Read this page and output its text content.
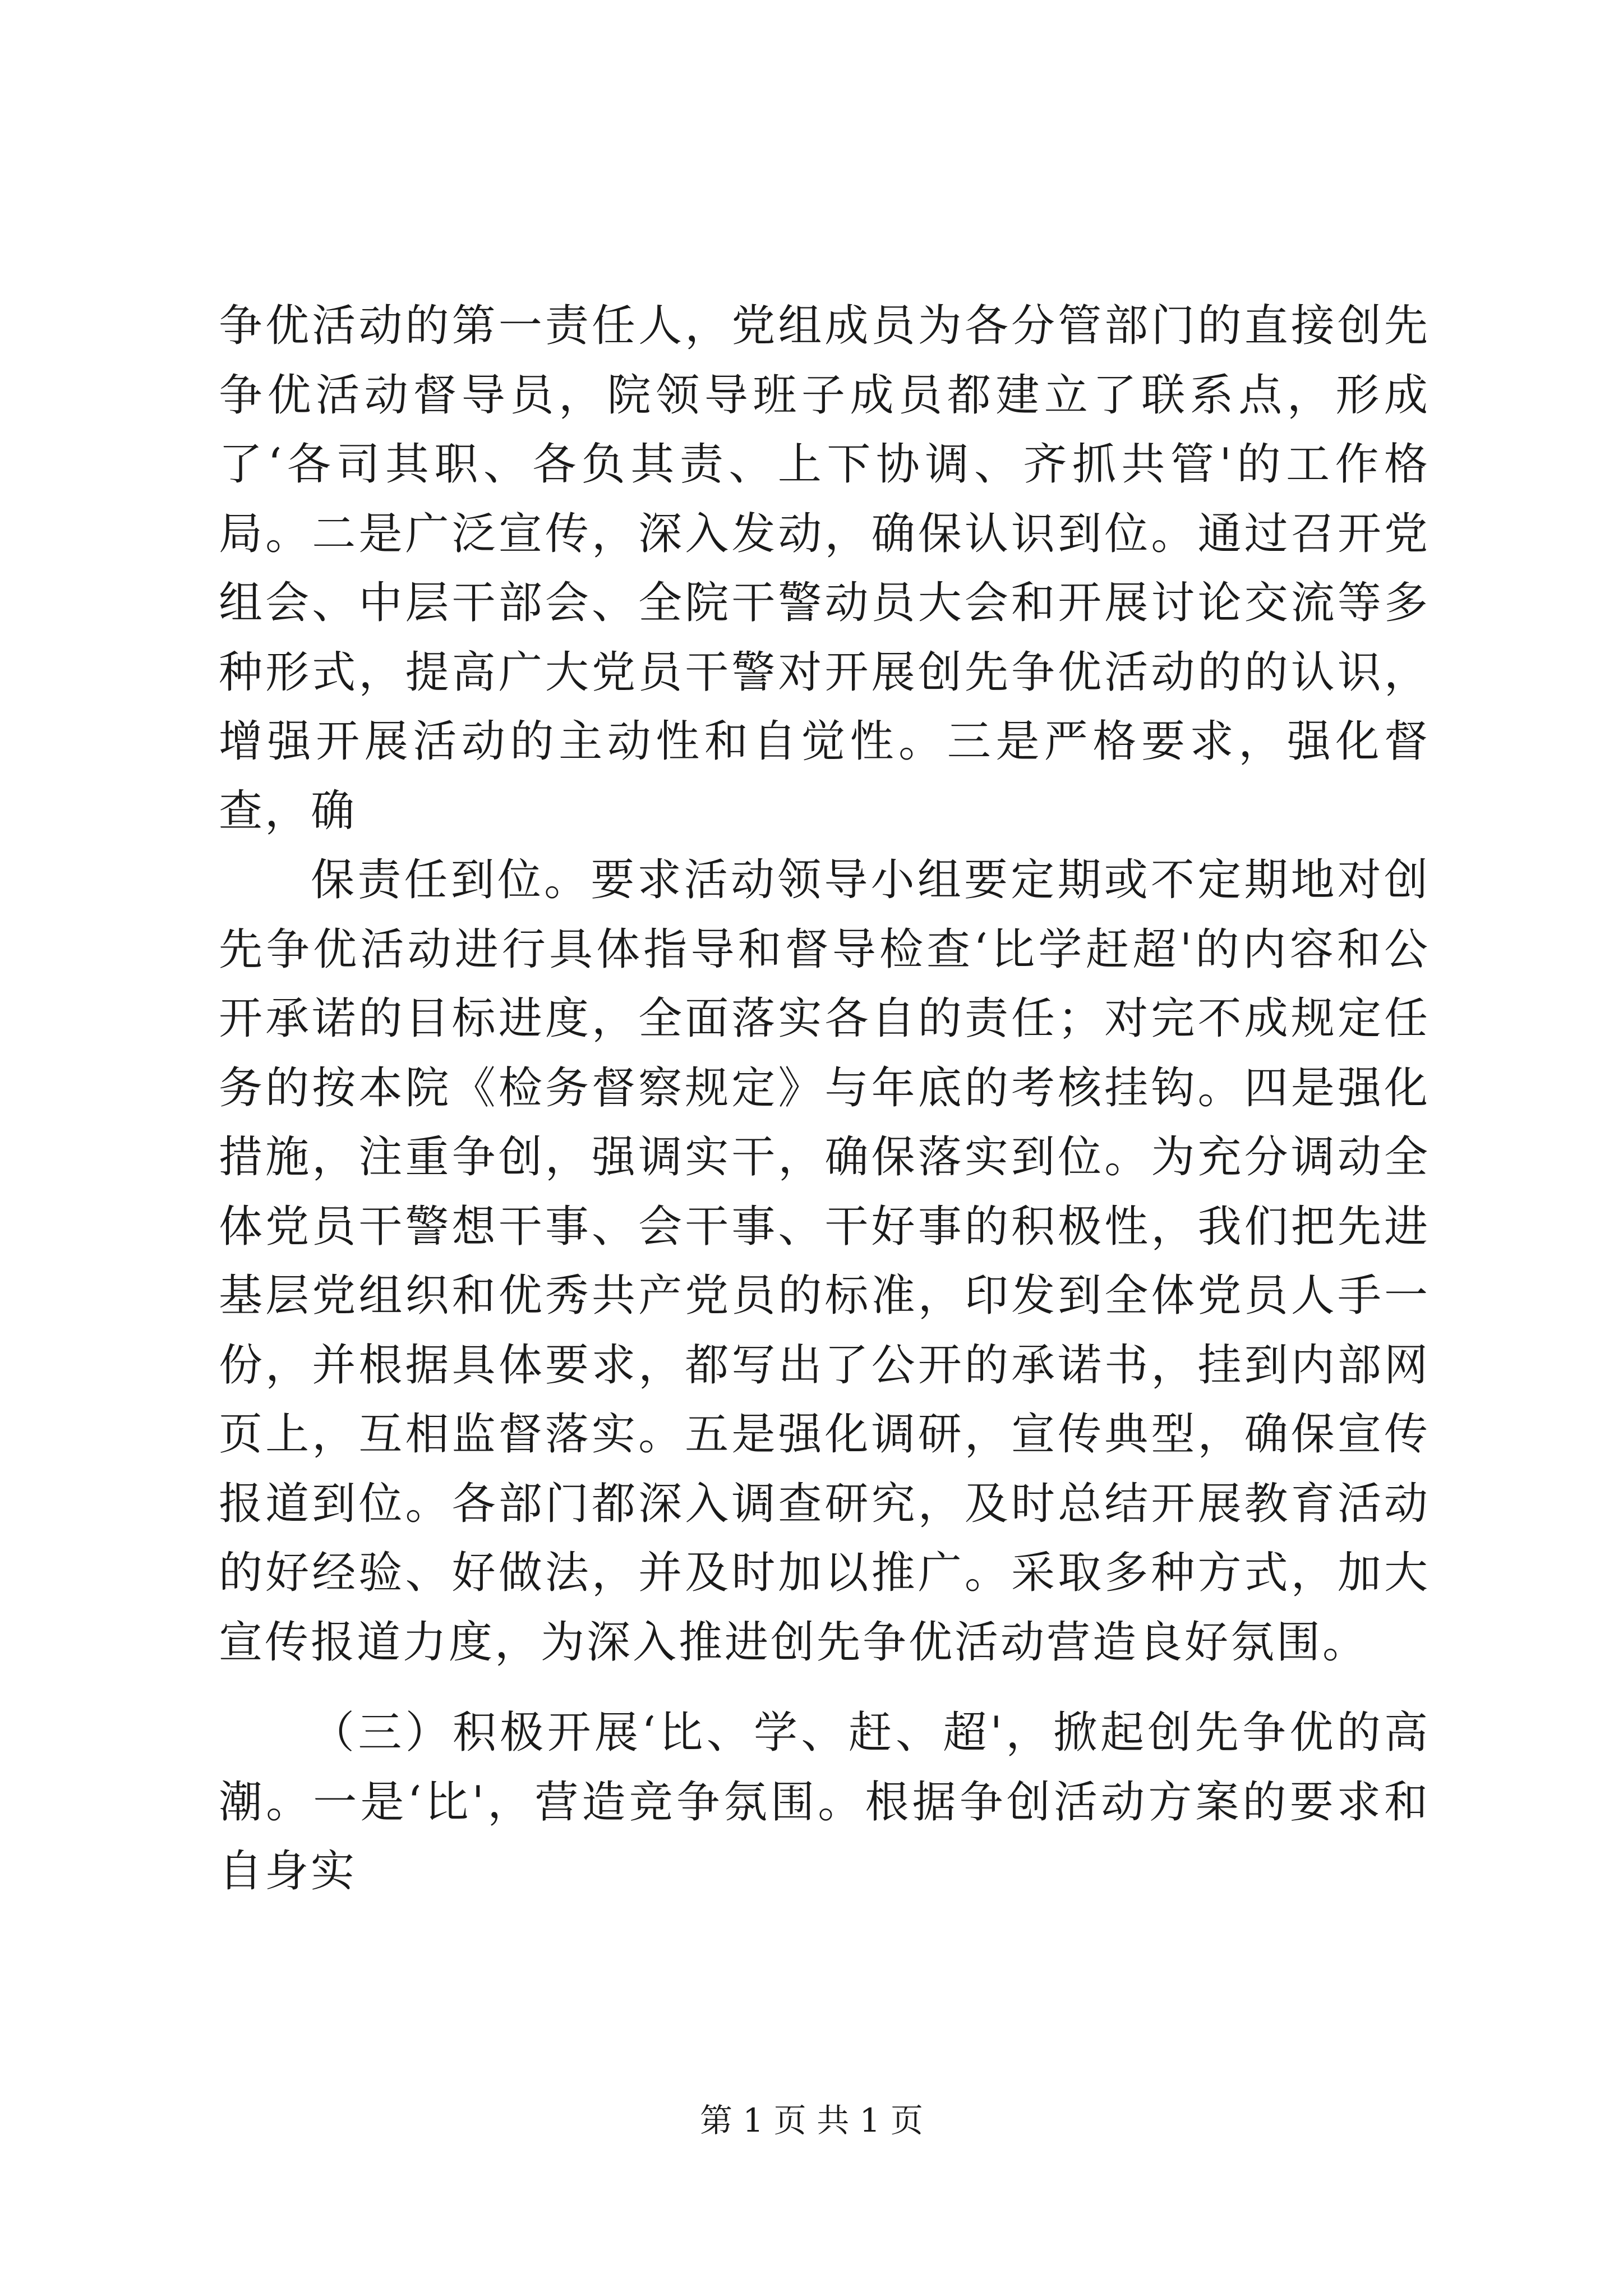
争优活动的第一责任人，党组成员为各分管部门的直接创先争优活动督导员，院领导班子成员都建立了联系点，形成了‘各司其职、各负其责、上下协调、齐抓共管'的工作格局。二是广泛宣传，深入发动，确保认识到位。通过召开党组会、中层干部会、全院干警动员大会和开展讨论交流等多种形式，提高广大党员干警对开展创先争优活动的的认识，增强开展活动的主动性和自觉性。三是严格要求，强化督查，确

保责任到位。要求活动领导小组要定期或不定期地对创先争优活动进行具体指导和督导检查‘比学赶超'的内容和公开承诺的目标进度，全面落实各自的责任；对完不成规定任务的按本院《检务督察规定》与年底的考核挂钩。四是强化措施，注重争创，强调实干，确保落实到位。为充分调动全体党员干警想干事、会干事、干好事的积极性，我们把先进基层党组织和优秀共产党员的标准，印发到全体党员人手一份，并根据具体要求，都写出了公开的承诺书，挂到内部网页上，互相监督落实。五是强化调研，宣传典型，确保宣传报道到位。各部门都深入调查研究，及时总结开展教育活动的好经验、好做法，并及时加以推广。采取多种方式，加大宣传报道力度，为深入推进创先争优活动营造良好氛围。

（三）积极开展‘比、学、赶、超'，掀起创先争优的高潮。一是‘比'，营造竞争氛围。根据争创活动方案的要求和自身实

第 1 页 共 1 页
